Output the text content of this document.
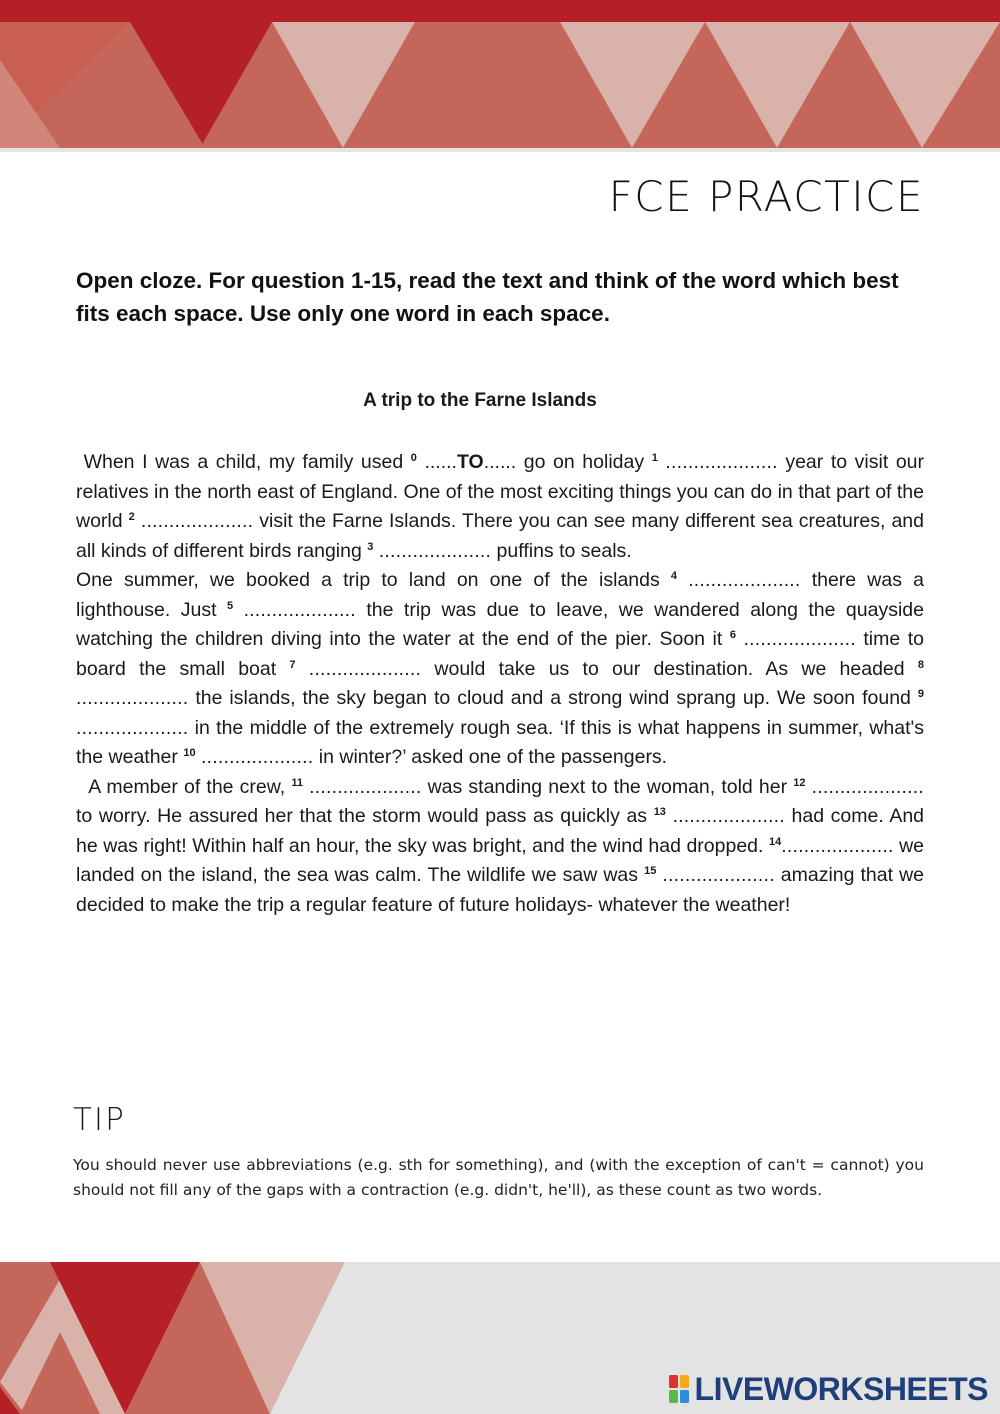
FCE PRACTICE

Open cloze. For question 1-15, read the text and think of the word which best fits each space. Use only one word in each space.

A trip to the Farne Islands

When I was a child, my family used $^0$ ......TO...... go on holiday $^1$ .................... year to visit our relatives in the north east of England. One of the most exciting things you can do in that part of the world $^2$ .................... visit the Farne Islands. There you can see many different sea creatures, and all kinds of different birds ranging $^3$ .................... puffins to seals.

One summer, we booked a trip to land on one of the islands $^4$ .................... there was a lighthouse. Just $^5$ .................... the trip was due to leave, we wandered along the quayside watching the children diving into the water at the end of the pier. Soon it $^6$ .................... time to board the small boat $^7$ .................... would take us to our destination. As we headed $^8$ .................... the islands, the sky began to cloud and a strong wind sprang up. We soon found $^9$ .................... in the middle of the extremely rough sea. ‘If this is what happens in summer, what's the weather $^{10}$ .................... in winter?’ asked one of the passengers.

A member of the crew, $^{11}$ .................... was standing next to the woman, told her $^{12}$ .................... to worry. He assured her that the storm would pass as quickly as $^{13}$ .................... had come. And he was right! Within half an hour, the sky was bright, and the wind had dropped. $^{14}$.................... we landed on the island, the sea was calm. The wildlife we saw was $^{15}$ .................... amazing that we decided to make the trip a regular feature of future holidays- whatever the weather!

TIP

You should never use abbreviations (e.g. sth for something), and (with the exception of can't = cannot) you should not fill any of the gaps with a contraction (e.g. didn't, he'll), as these count as two words.

LIVEWORKSHEETS
